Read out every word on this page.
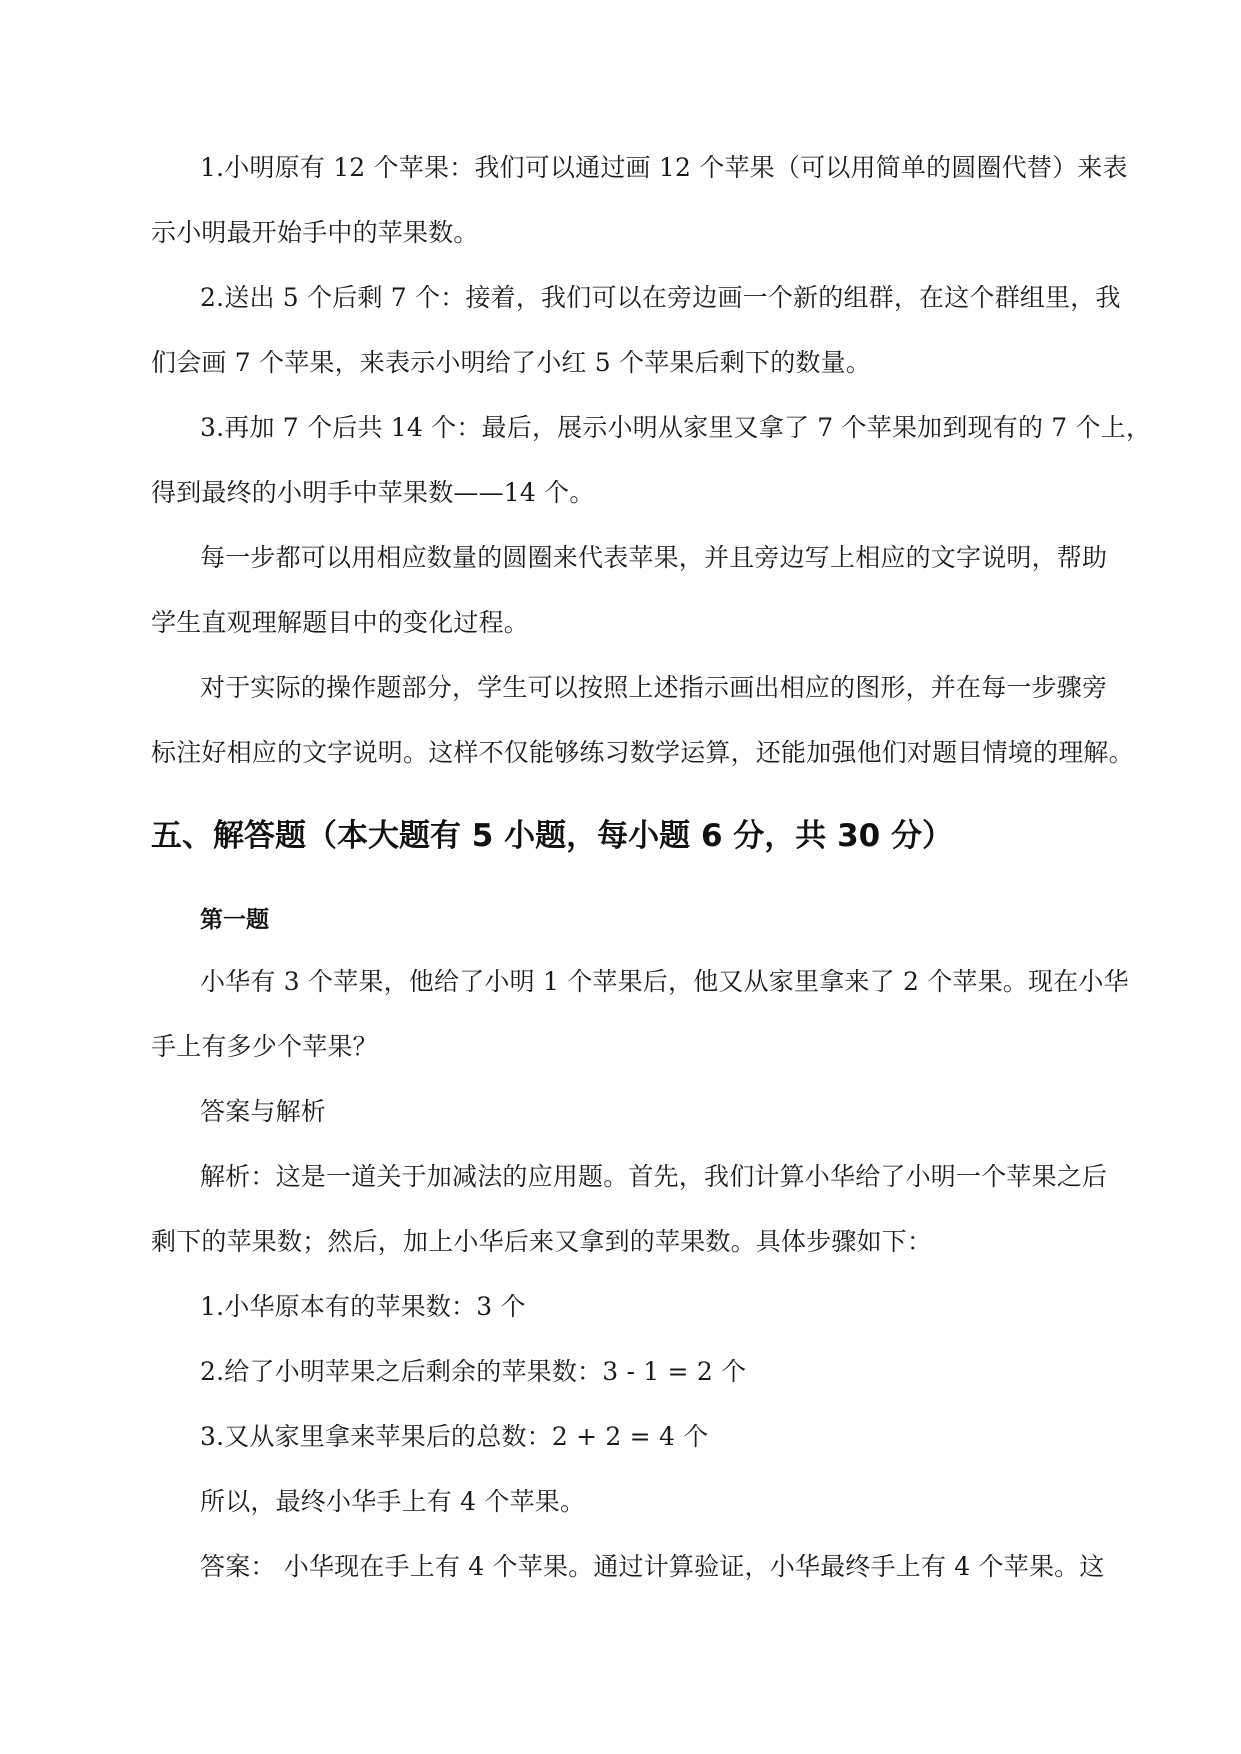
1.小明原有 12 个苹果：我们可以通过画 12 个苹果（可以用简单的圆圈代替）来表
示小明最开始手中的苹果数。
2.送出 5 个后剩 7 个：接着，我们可以在旁边画一个新的组群，在这个群组里，我
们会画 7 个苹果，来表示小明给了小红 5 个苹果后剩下的数量。
3.再加 7 个后共 14 个：最后，展示小明从家里又拿了 7 个苹果加到现有的 7 个上，
得到最终的小明手中苹果数——14 个。
每一步都可以用相应数量的圆圈来代表苹果，并且旁边写上相应的文字说明，帮助
学生直观理解题目中的变化过程。
对于实际的操作题部分，学生可以按照上述指示画出相应的图形，并在每一步骤旁
标注好相应的文字说明。这样不仅能够练习数学运算，还能加强他们对题目情境的理解。
五、解答题（本大题有 5 小题，每小题 6 分，共 30 分）
第一题
小华有 3 个苹果，他给了小明 1 个苹果后，他又从家里拿来了 2 个苹果。现在小华
手上有多少个苹果？
答案与解析
解析：这是一道关于加减法的应用题。首先，我们计算小华给了小明一个苹果之后
剩下的苹果数；然后，加上小华后来又拿到的苹果数。具体步骤如下：
1.小华原本有的苹果数：3 个
2.给了小明苹果之后剩余的苹果数：3 - 1 = 2 个
3.又从家里拿来苹果后的总数：2 + 2 = 4 个
所以，最终小华手上有 4 个苹果。
答案： 小华现在手上有 4 个苹果。通过计算验证，小华最终手上有 4 个苹果。这
